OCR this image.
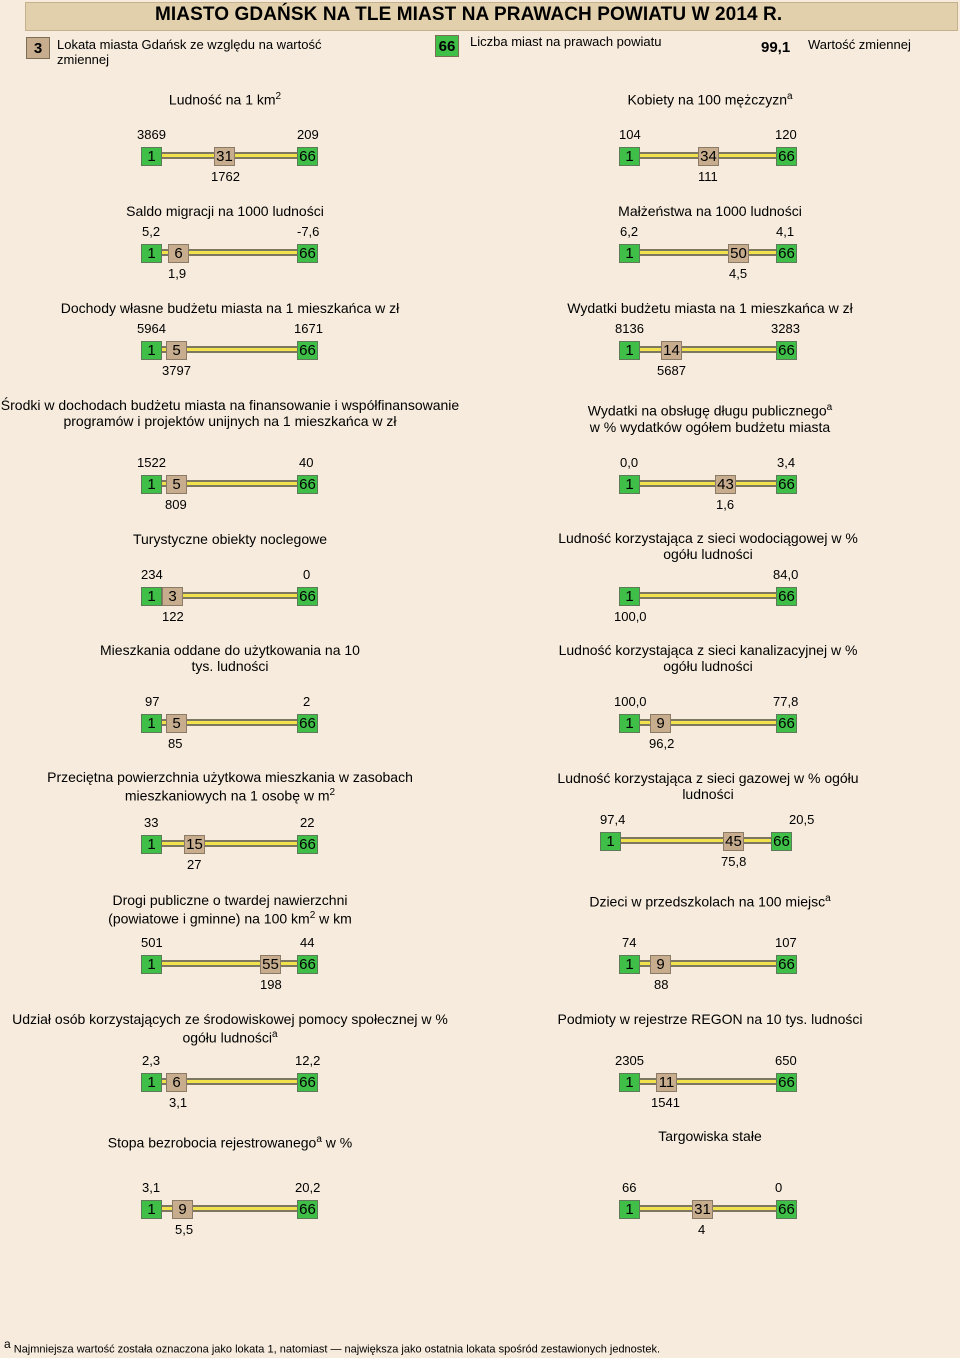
MIASTO GDAŃSK NA TLE MIAST NA PRAWACH POWIATU W 2014 R.
3	Lokata miasta Gdańsk ze względu na wartość zmiennej
66 Liczba miast na prawach powiatu	99,1 Wartość zmiennej
Ludność na 1 $km^2$
3869	209
1	31	66
1762
Kobiety na 100 mężczyzn$^a$
104	120
1	34	66
111
Saldo migracji na 1000 ludności
5,2	-7,6
1	6	66
1,9
Małżeństwa na 1000 ludności
6,2	4,1
1	50 66
4,5
Dochody własne budżetu miasta na 1 mieszkańca w zł
5964	1671
1	5	66
3797
Wydatki budżetu miasta na 1 mieszkańca w zł
8136	3283
1	14	66
5687
Środki w dochodach budżetu miasta na finansowanie i współfinansowanie programów i projektów unijnych na 1 mieszkańca w zł
1522	40
1	5	66
809
Wydatki na obsługę długu publicznego$^a$
w % wydatków ogółem budżetu miasta
0,0	3,4
1	43	66
1,6
Turystyczne obiekty noclegowe
234	0
1 3	66
122
Ludność korzystająca z sieci wodociągowej w % ogółu ludności
84,0
1	66
100,0
Mieszkania oddane do użytkowania na 10 tys. ludności
97	2
1	5	66
85
Ludność korzystająca z sieci kanalizacyjnej w % ogółu ludności
100,0	77,8
1	9	66
96,2
Przeciętna powierzchnia użytkowa mieszkania w zasobach mieszkaniowych na 1 osobę w $m^2$
33	22
1	15	66
27
Ludność korzystająca z sieci gazowej w % ogółu ludności
97,4	20,5
1	45 66
75,8
Drogi publiczne o twardej nawierzchni (powiatowe i gminne) na 100 $km^2$ w km
501	44
1	55 66
198
Dzieci w przedszkolach na 100 miejsc$^a$
74	107
1	9	66
88
Udział osób korzystających ze środowiskowej pomocy społecznej w % ogółu ludności$^a$
2,3	12,2
1	6	66
3,1
Podmioty w rejestrze REGON na 10 tys. ludności
2305	650
1	11	66
1541
Stopa bezrobocia rejestrowanego$^a$ w %
3,1	20,2
1	9	66
5,5
Targowiska stałe
66	0
1	31	66
4
$^a$ Najmniejsza wartość została oznaczona jako lokata 1, natomiast — największa jako ostatnia lokata spośród zestawionych jednostek.
